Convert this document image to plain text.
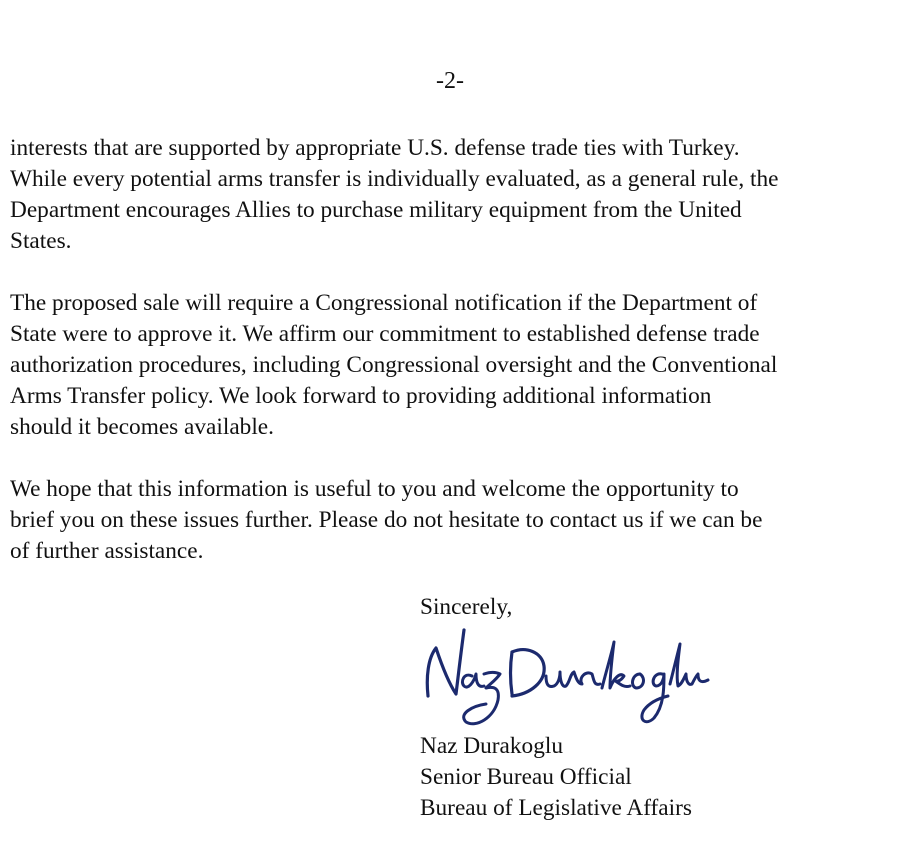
-2-

interests that are supported by appropriate U.S. defense trade ties with Turkey.
While every potential arms transfer is individually evaluated, as a general rule, the
Department encourages Allies to purchase military equipment from the United
States.

The proposed sale will require a Congressional notification if the Department of
State were to approve it. We affirm our commitment to established defense trade
authorization procedures, including Congressional oversight and the Conventional
Arms Transfer policy. We look forward to providing additional information
should it becomes available.

We hope that this information is useful to you and welcome the opportunity to
brief you on these issues further. Please do not hesitate to contact us if we can be
of further assistance.

Sincerely,
Naz Durakoglu
Senior Bureau Official
Bureau of Legislative Affairs
